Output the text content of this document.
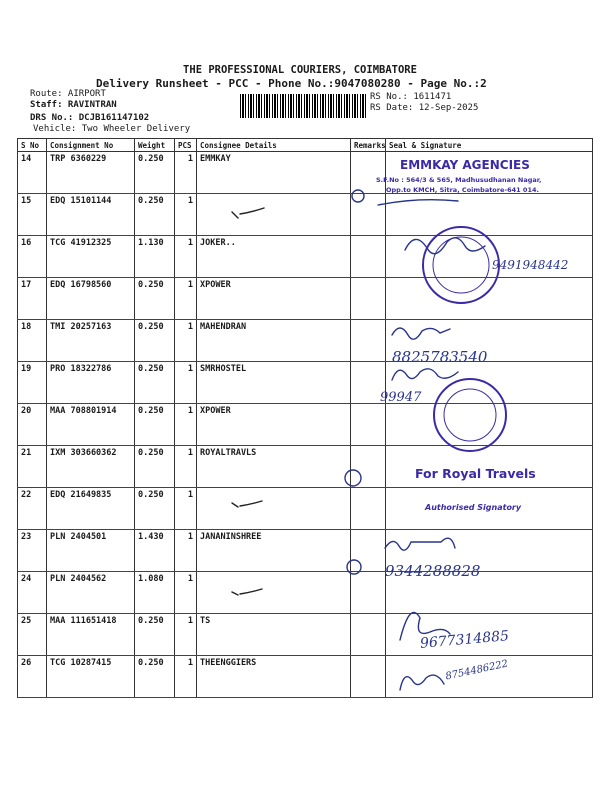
THE PROFESSIONAL COURIERS, COIMBATORE
Delivery Runsheet - PCC - Phone No.:9047080280 - Page No.:2
Route: AIRPORT
Staff: RAVINTRAN
DRS No.: DCJB161147102
Vehicle: Two Wheeler Delivery
RS No.: 1611471
RS Date: 12-Sep-2025
S No	Consignment No	Weight	PCS	Consignee Details	Remarks	Seal & Signature
14	TRP 6360229	0.250	1	EMMKAY		
15	EDQ 15101144	0.250	1			
16	TCG 41912325	1.130	1	JOKER..		
17	EDQ 16798560	0.250	1	XPOWER		
18	TMI 20257163	0.250	1	MAHENDRAN		
19	PRO 18322786	0.250	1	SMRHOSTEL		
20	MAA 708801914	0.250	1	XPOWER		
21	IXM 303660362	0.250	1	ROYALTRAVLS		
22	EDQ 21649835	0.250	1			
23	PLN 2404501	1.430	1	JANANINSHREE		
24	PLN 2404562	1.080	1			
25	MAA 111651418	0.250	1	TS		
26	TCG 10287415	0.250	1	THEENGGIERS		
EMMKAY AGENCIES
S.F.No : 564/3 & 565, Madhusudhanan Nagar,
Opp.to KMCH, Sitra, Coimbatore-641 014.
For Royal Travels
Authorised Signatory
9491948442
8825783540
99947
9344288828
9677314885
8754486222
